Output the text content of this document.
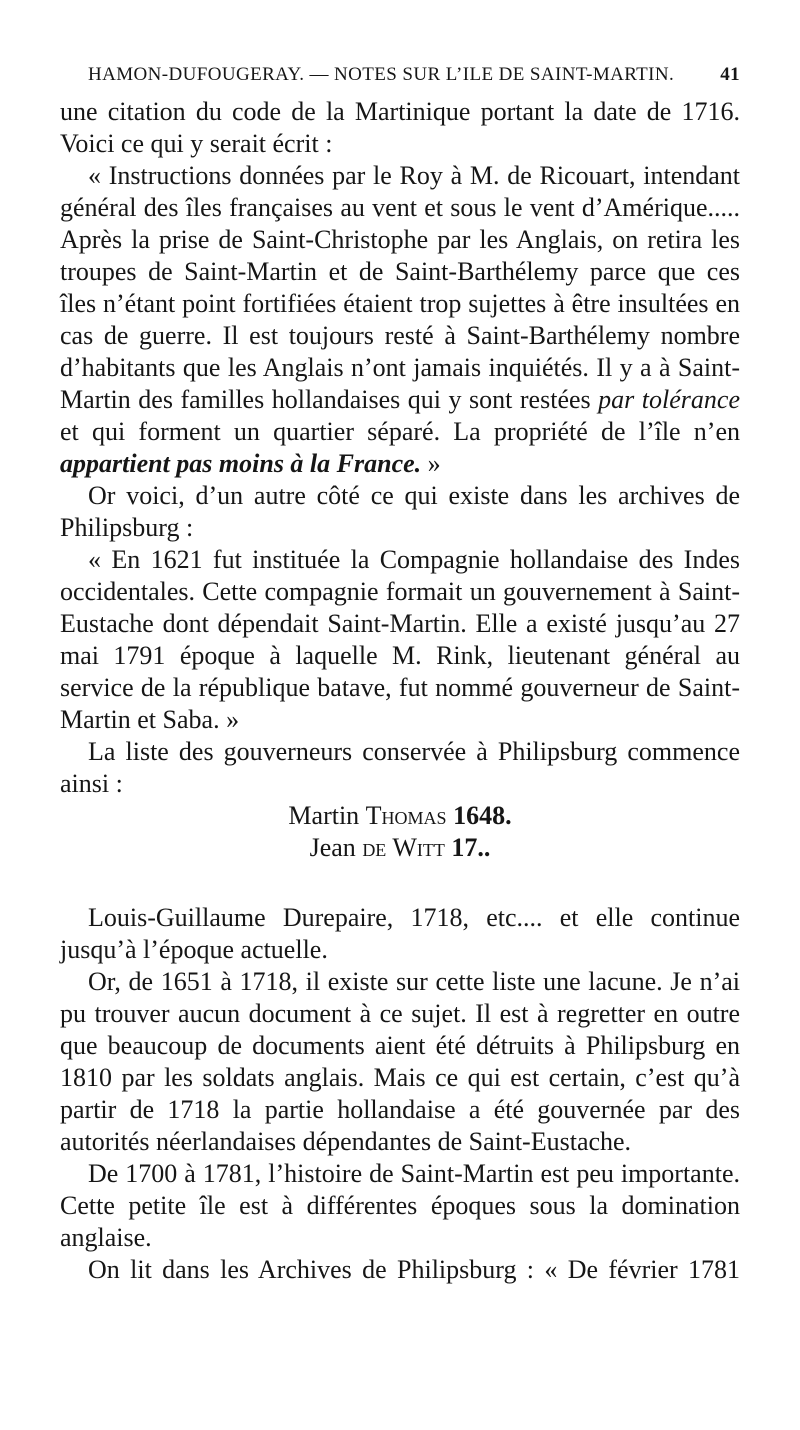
HAMON-DUFOUGERAY. — NOTES SUR L’ILE DE SAINT-MARTIN. 41

une citation du code de la Martinique portant la date de 1716. Voici ce qui y serait écrit :

« Instructions données par le Roy à M. de Ricouart, intendant général des îles françaises au vent et sous le vent d’Amérique..... Après la prise de Saint-Christophe par les Anglais, on retira les troupes de Saint-Martin et de Saint-Barthélemy parce que ces îles n’étant point fortifiées étaient trop sujettes à être insultées en cas de guerre. Il est toujours resté à Saint-Barthélemy nombre d’habitants que les Anglais n’ont jamais inquiétés. Il y a à Saint-Martin des familles hollandaises qui y sont restées par tolérance et qui forment un quartier séparé. La propriété de l’île n’en appartient pas moins à la France. »

Or voici, d’un autre côté ce qui existe dans les archives de Philipsburg :

« En 1621 fut instituée la Compagnie hollandaise des Indes occidentales. Cette compagnie formait un gouvernement à Saint-Eustache dont dépendait Saint-Martin. Elle a existé jusqu’au 27 mai 1791 époque à laquelle M. Rink, lieutenant général au service de la république batave, fut nommé gouverneur de Saint-Martin et Saba. »

La liste des gouverneurs conservée à Philipsburg commence ainsi :

Martin Thomas 1648.

Jean de Witt 17..

Louis-Guillaume Durepaire, 1718, etc.... et elle continue jusqu’à l’époque actuelle.

Or, de 1651 à 1718, il existe sur cette liste une lacune. Je n’ai pu trouver aucun document à ce sujet. Il est à regretter en outre que beaucoup de documents aient été détruits à Philipsburg en 1810 par les soldats anglais. Mais ce qui est certain, c’est qu’à partir de 1718 la partie hollandaise a été gouvernée par des autorités néerlandaises dépendantes de Saint-Eustache.

De 1700 à 1781, l’histoire de Saint-Martin est peu importante. Cette petite île est à différentes époques sous la domination anglaise.

On lit dans les Archives de Philipsburg : « De février 1781
